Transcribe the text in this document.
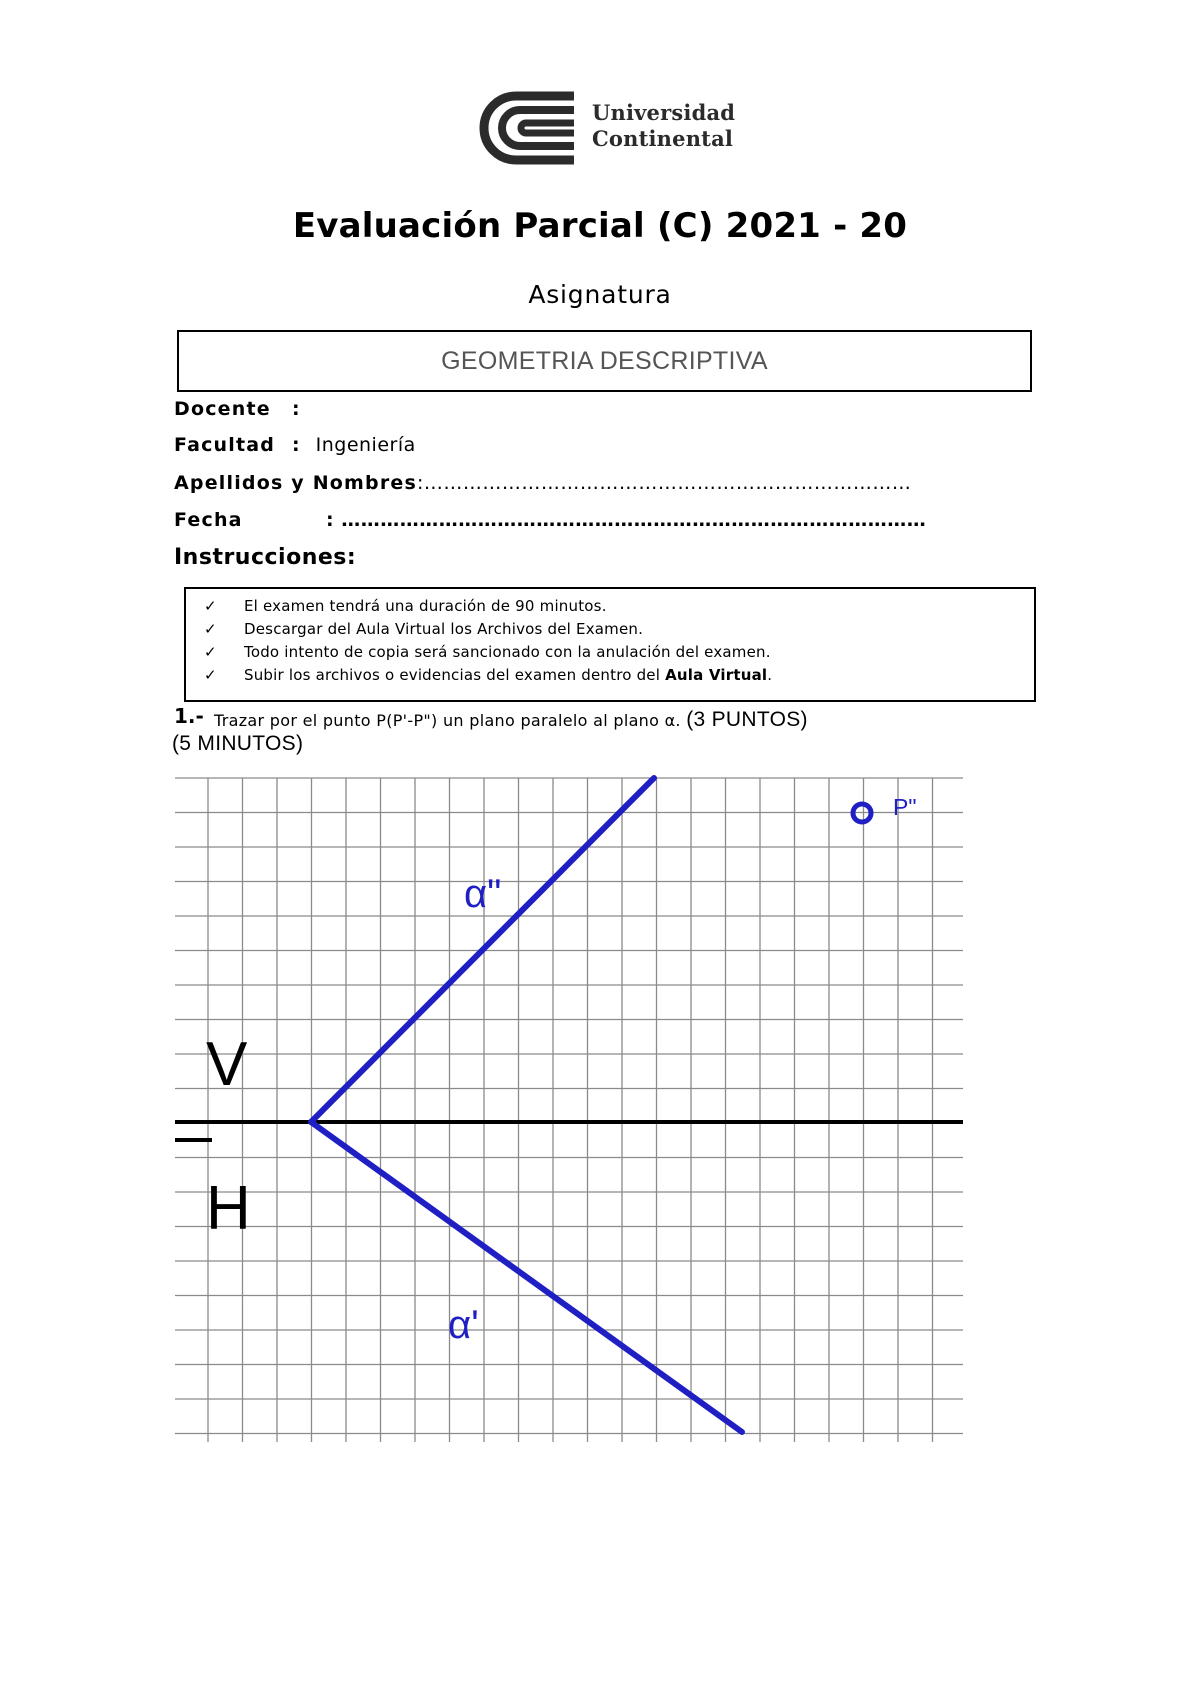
Universidad
Continental
Evaluación Parcial (C) 2021 - 20
Asignatura
GEOMETRIA DESCRIPTIVA
Docente :
Facultad : Ingeniería
Apellidos y Nombres:…………………………………………………………………
Fecha	: ………………………………………………………………………………
Instrucciones:
✓ El examen tendrá una duración de 90 minutos.
✓ Descargar del Aula Virtual los Archivos del Examen.
✓ Todo intento de copia será sancionado con la anulación del examen.
✓ Subir los archivos o evidencias del examen dentro del Aula Virtual.
1.- Trazar por el punto P(P'-P") un plano paralelo al plano α. (3 PUNTOS)
(5 MINUTOS)
P"
α"
α'
V
H
